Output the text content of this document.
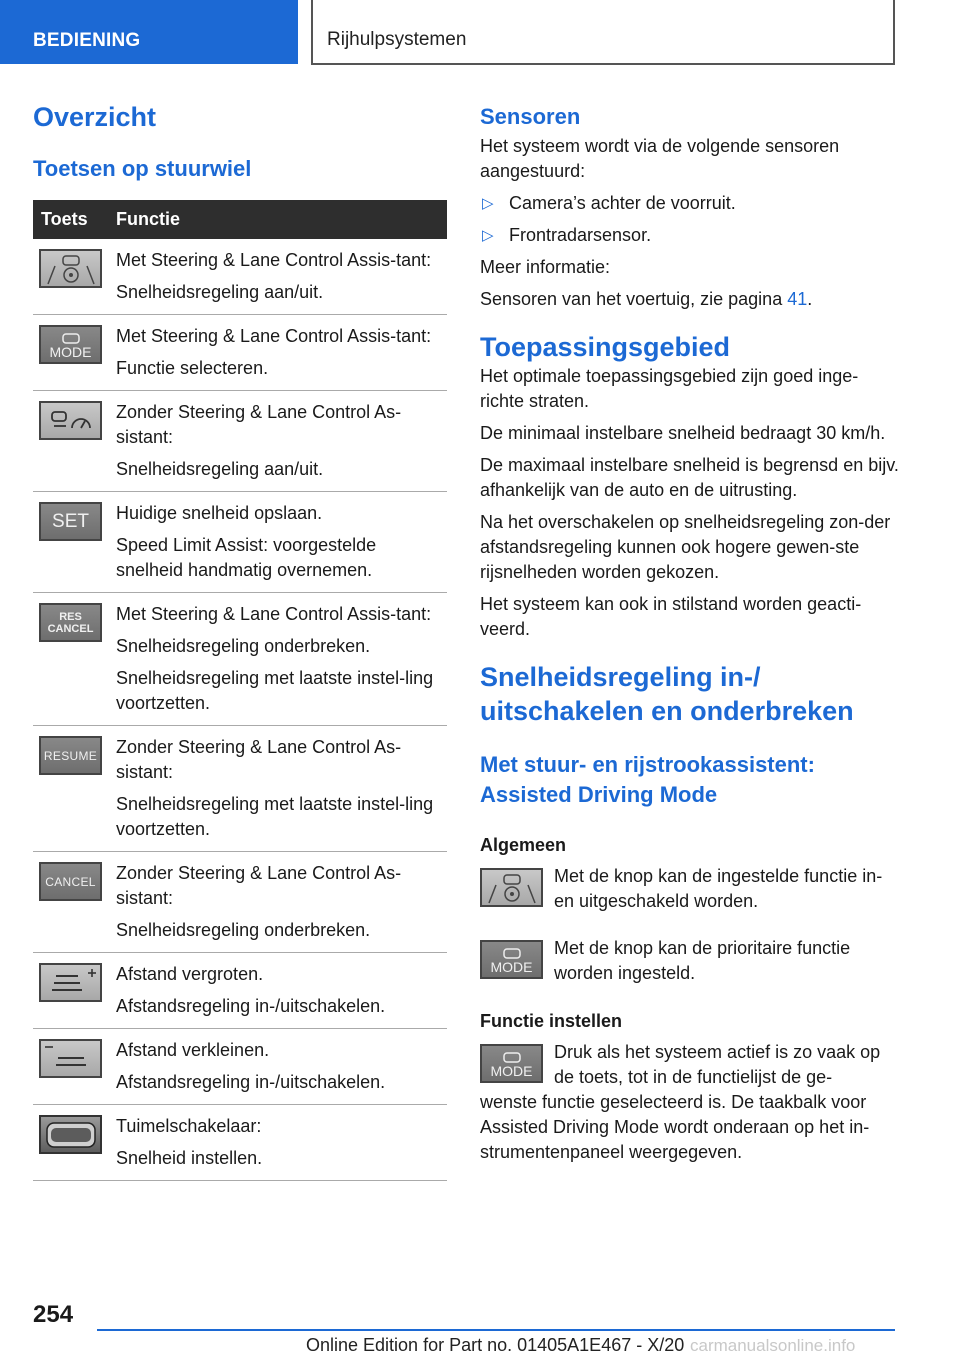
BEDIENING	Rijhulpsystemen
Overzicht
Toetsen op stuurwiel
Toets	Functie

Met Steering & Lane Control Assis-tant:

Snelheidsregeling aan/uit.

MODE

Met Steering & Lane Control Assis-tant:

Functie selecteren.

Zonder Steering & Lane Control As-sistant:

Snelheidsregeling aan/uit.

SET Huidige snelheid opslaan.

Speed Limit Assist: voorgestelde snelheid handmatig overnemen.

RES
CANCEL

Met Steering & Lane Control Assis-tant:

Snelheidsregeling onderbreken.

Snelheidsregeling met laatste instel-ling voortzetten.

RESUME Zonder Steering & Lane Control As-sistant:

Snelheidsregeling met laatste instel-ling voortzetten.

CANCEL Zonder Steering & Lane Control As-sistant:

Snelheidsregeling onderbreken.

Afstand vergroten.

Afstandsregeling in-/uitschakelen.

Afstand verkleinen.

Afstandsregeling in-/uitschakelen.

Tuimelschakelaar:

Snelheid instellen.

Sensoren

Het systeem wordt via de volgende sensoren aangestuurd:

▷ Camera’s achter de voorruit.
▷ Frontradarsensor.

Meer informatie:

Sensoren van het voertuig, zie pagina 41.

Toepassingsgebied

Het optimale toepassingsgebied zijn goed inge-richte straten.

De minimaal instelbare snelheid bedraagt 30 km/h.

De maximaal instelbare snelheid is begrensd en bijv. afhankelijk van de auto en de uitrusting.

Na het overschakelen op snelheidsregeling zon-der afstandsregeling kunnen ook hogere gewen-ste rijsnelheden worden gekozen.

Het systeem kan ook in stilstand worden geacti-veerd.

Snelheidsregeling in-/ uitschakelen en onderbreken
Met stuur- en rijstrookassistent: Assisted Driving Mode
Algemeen

Met de knop kan de ingestelde functie in- en uitgeschakeld worden.

MODE

Met de knop kan de prioritaire functie worden ingesteld.

Functie instellen
MODE

Druk als het systeem actief is zo vaak op de toets, tot in de functielijst de ge-

wenste functie geselecteerd is. De taakbalk voor Assisted Driving Mode wordt onderaan op het in-strumentenpaneel weergegeven.

254
Online Edition for Part no. 01405A1E467 - X/20 carmanualsonline.info
